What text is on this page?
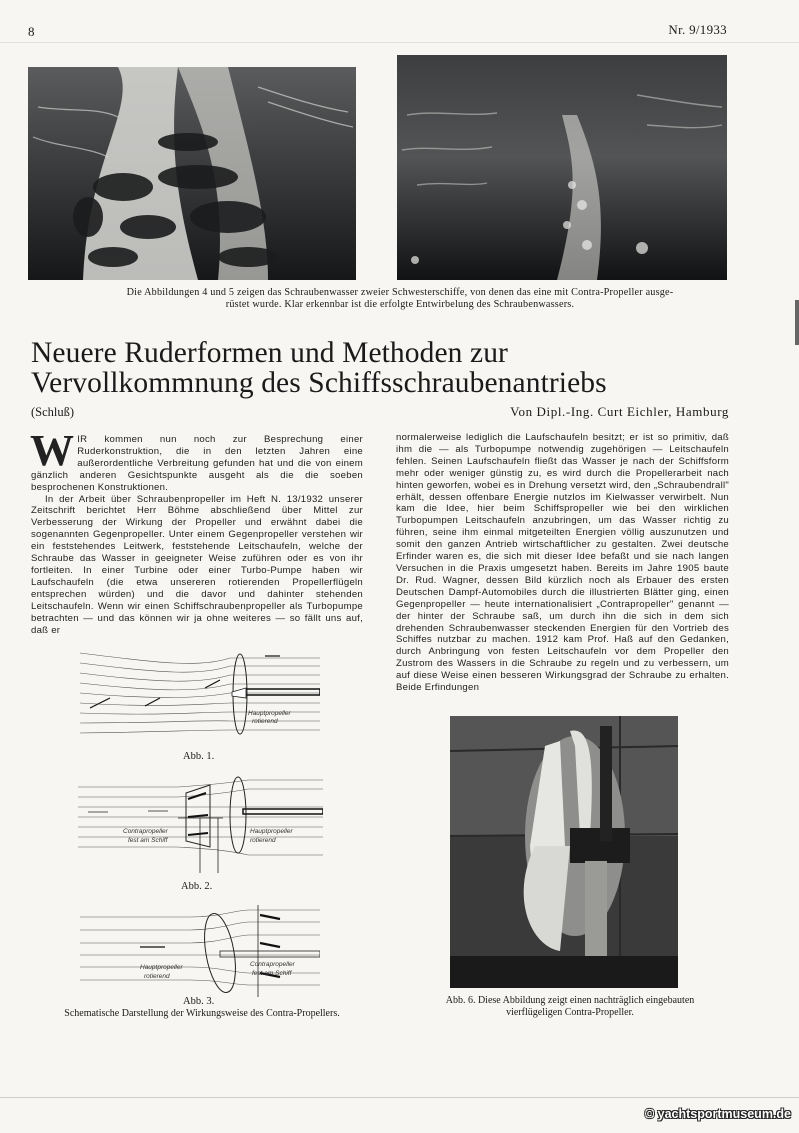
8	Nr. 9/1933
Die Abbildungen 4 und 5 zeigen das Schraubenwasser zweier Schwesterschiffe, von denen das eine mit Contra-Propeller ausge-
rüstet wurde. Klar erkennbar ist die erfolgte Entwirbelung des Schraubenwassers.
Neuere Ruderformen und Methoden zur
Vervollkommnung des Schiffsschraubenantriebs
(Schluß)	Von Dipl.-Ing. Curt Eichler, Hamburg

WIR kommen nun noch zur Besprechung einer Ruderkonstruktion, die in den letzten Jahren eine außerordentliche Verbreitung gefunden hat und die von einem gänzlich anderen Gesichtspunkte ausgeht als die die soeben besprochenen Konstruktionen.

In der Arbeit über Schraubenpropeller im Heft N. 13/1932 unserer Zeitschrift berichtet Herr Böhme abschließend über Mittel zur Verbesserung der Wirkung der Propeller und erwähnt dabei die sogenannten Gegenpropeller. Unter einem Gegenpropeller verstehen wir ein feststehendes Leitwerk, feststehende Leitschaufeln, welche der Schraube das Wasser in geeigneter Weise zuführen oder es von ihr fortleiten. In einer Turbine oder einer Turbo-Pumpe haben wir Laufschaufeln (die etwa unsereren rotierenden Propellerflügeln entsprechen würden) und die davor und dahinter stehenden Leitschaufeln. Wenn wir einen Schiffschraubenpropeller als Turbopumpe betrachten — und das können wir ja ohne weiteres — so fällt uns auf, daß er

normalerweise lediglich die Laufschaufeln besitzt; er ist so primitiv, daß ihm die — als Turbopumpe notwendig zugehörigen — Leitschaufeln fehlen. Seinen Laufschaufeln fließt das Wasser je nach der Schiffsform mehr oder weniger günstig zu, es wird durch die Propellerarbeit nach hinten geworfen, wobei es in Drehung versetzt wird, den „Schraubendrall" erhält, dessen offenbare Energie nutzlos im Kielwasser verwirbelt. Nun kam die Idee, hier beim Schiffspropeller wie bei den wirklichen Turbopumpen Leitschaufeln anzubringen, um das Wasser richtig zu führen, seine ihm einmal mitgeteilten Energien völlig auszunutzen und somit den ganzen Antrieb wirtschaftlicher zu gestalten. Zwei deutsche Erfinder waren es, die sich mit dieser Idee befaßt und sie nach langen Versuchen in die Praxis umgesetzt haben. Bereits im Jahre 1905 baute Dr. Rud. Wagner, dessen Bild kürzlich noch als Erbauer des ersten Deutschen Dampf-Automobiles durch die illustrierten Blätter ging, einen Gegenpropeller — heute internationalisiert „Contrapropeller" genannt — der hinter der Schraube saß, um durch ihn die sich in dem sich drehenden Schraubenwasser steckenden Energien für den Vortrieb des Schiffes nutzbar zu machen. 1912 kam Prof. Haß auf den Gedanken, durch Anbringung von festen Leitschaufeln vor dem Propeller den Zustrom des Wassers in die Schraube zu regeln und zu verbessern, um auf diese Weise einen besseren Wirkungsgrad der Schraube zu erhalten. Beide Erfindungen

Hauptpropeller
rotierend
Abb. 1.
Contrapropeller
fest am Schiff
Hauptpropeller
rotierend
Abb. 2.
Hauptpropeller
rotierend
Contrapropeller
fest am Schiff
Abb. 3.
Schematische Darstellung der Wirkungsweise des Contra-Propellers.
Abb. 6. Diese Abbildung zeigt einen nachträglich eingebauten
vierflügeligen Contra-Propeller.
© yachtsportmuseum.de
